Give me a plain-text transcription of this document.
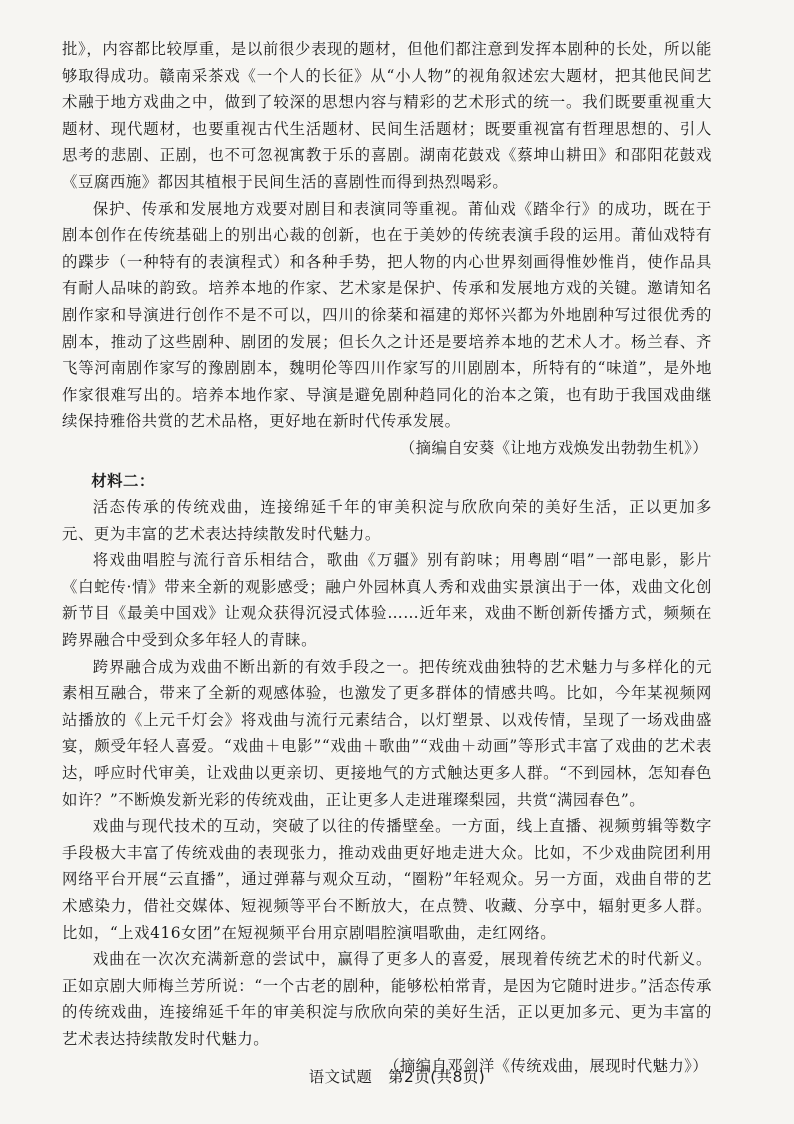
批》，内容都比较厚重，是以前很少表现的题材，但他们都注意到发挥本剧种的长处，所以能够取得成功。赣南采茶戏《一个人的长征》从“小人物”的视角叙述宏大题材，把其他民间艺术融于地方戏曲之中，做到了较深的思想内容与精彩的艺术形式的统一。我们既要重视重大题材、现代题材，也要重视古代生活题材、民间生活题材；既要重视富有哲理思想的、引人思考的悲剧、正剧，也不可忽视寓教于乐的喜剧。湖南花鼓戏《蔡坤山耕田》和邵阳花鼓戏《豆腐西施》都因其植根于民间生活的喜剧性而得到热烈喝彩。

保护、传承和发展地方戏要对剧目和表演同等重视。莆仙戏《踏伞行》的成功，既在于剧本创作在传统基础上的别出心裁的创新，也在于美妙的传统表演手段的运用。莆仙戏特有的蹀步（一种特有的表演程式）和各种手势，把人物的内心世界刻画得惟妙惟肖，使作品具有耐人品味的韵致。培养本地的作家、艺术家是保护、传承和发展地方戏的关键。邀请知名剧作家和导演进行创作不是不可以，四川的徐棻和福建的郑怀兴都为外地剧种写过很优秀的剧本，推动了这些剧种、剧团的发展；但长久之计还是要培养本地的艺术人才。杨兰春、齐飞等河南剧作家写的豫剧剧本，魏明伦等四川作家写的川剧剧本，所特有的“味道”，是外地作家很难写出的。培养本地作家、导演是避免剧种趋同化的治本之策，也有助于我国戏曲继续保持雅俗共赏的艺术品格，更好地在新时代传承发展。

（摘编自安葵《让地方戏焕发出勃勃生机》）

材料二：

活态传承的传统戏曲，连接绵延千年的审美积淀与欣欣向荣的美好生活，正以更加多元、更为丰富的艺术表达持续散发时代魅力。

将戏曲唱腔与流行音乐相结合，歌曲《万疆》别有韵味；用粤剧“唱”一部电影，影片《白蛇传·情》带来全新的观影感受；融户外园林真人秀和戏曲实景演出于一体，戏曲文化创新节目《最美中国戏》让观众获得沉浸式体验……近年来，戏曲不断创新传播方式，频频在跨界融合中受到众多年轻人的青睐。

跨界融合成为戏曲不断出新的有效手段之一。把传统戏曲独特的艺术魅力与多样化的元素相互融合，带来了全新的观感体验，也激发了更多群体的情感共鸣。比如，今年某视频网站播放的《上元千灯会》将戏曲与流行元素结合，以灯塑景、以戏传情，呈现了一场戏曲盛宴，颇受年轻人喜爱。“戏曲＋电影”“戏曲＋歌曲”“戏曲＋动画”等形式丰富了戏曲的艺术表达，呼应时代审美，让戏曲以更亲切、更接地气的方式触达更多人群。“不到园林，怎知春色如许？”不断焕发新光彩的传统戏曲，正让更多人走进璀璨梨园，共赏“满园春色”。

戏曲与现代技术的互动，突破了以往的传播壁垒。一方面，线上直播、视频剪辑等数字手段极大丰富了传统戏曲的表现张力，推动戏曲更好地走进大众。比如，不少戏曲院团利用网络平台开展“云直播”，通过弹幕与观众互动，“圈粉”年轻观众。另一方面，戏曲自带的艺术感染力，借社交媒体、短视频等平台不断放大，在点赞、收藏、分享中，辐射更多人群。比如，“上戏416女团”在短视频平台用京剧唱腔演唱歌曲，走红网络。

戏曲在一次次充满新意的尝试中，赢得了更多人的喜爱，展现着传统艺术的时代新义。正如京剧大师梅兰芳所说：“一个古老的剧种，能够松柏常青，是因为它随时进步。”活态传承的传统戏曲，连接绵延千年的审美积淀与欣欣向荣的美好生活，正以更加多元、更为丰富的艺术表达持续散发时代魅力。

（摘编自邓剑洋《传统戏曲，展现时代魅力》）

语文试题　第2页(共8页)
